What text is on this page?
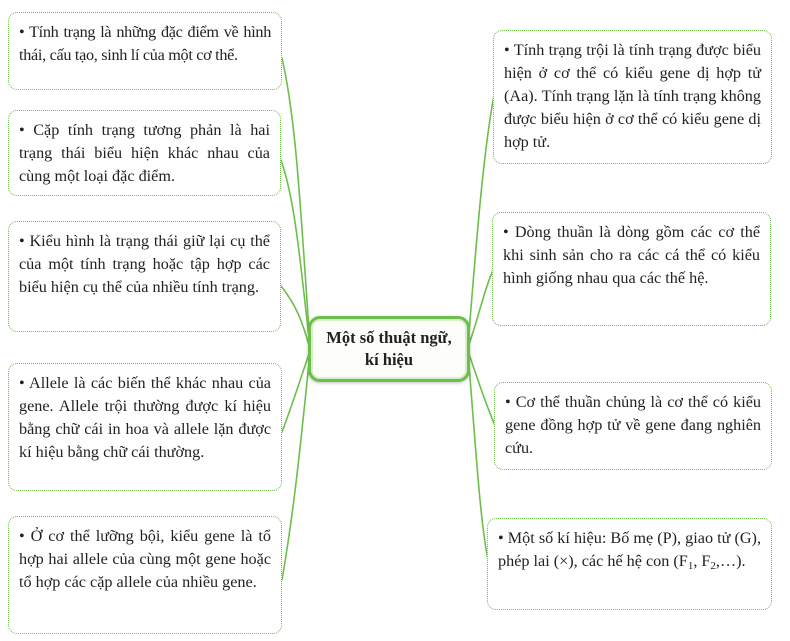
• Tính trạng là những đặc điểm về hình thái, cấu tạo, sinh lí của một cơ thể.

• Cặp tính trạng tương phản là hai trạng thái biểu hiện khác nhau của cùng một loại đặc điểm.

• Kiểu hình là trạng thái giữ lại cụ thể của một tính trạng hoặc tập hợp các biểu hiện cụ thể của nhiều tính trạng.

• Allele là các biến thể khác nhau của gene. Allele trội thường được kí hiệu bằng chữ cái in hoa và allele lặn được kí hiệu bằng chữ cái thường.

• Ở cơ thể lưỡng bội, kiểu gene là tổ hợp hai allele của cùng một gene hoặc tổ hợp các cặp allele của nhiều gene.

• Tính trạng trội là tính trạng được biểu hiện ở cơ thể có kiểu gene dị hợp tử (Aa). Tính trạng lặn là tính trạng không được biểu hiện ở cơ thể có kiểu gene dị hợp tử.

• Dòng thuần là dòng gồm các cơ thể khi sinh sản cho ra các cá thể có kiểu hình giống nhau qua các thế hệ.

• Cơ thể thuần chủng là cơ thể có kiểu gene đồng hợp tử về gene đang nghiên cứu.

• Một số kí hiệu: Bố mẹ (P), giao tử (G), phép lai (×), các hế hệ con ($F_1$, $F_2,\dots$).

Một số thuật ngữ,
kí hiệu
